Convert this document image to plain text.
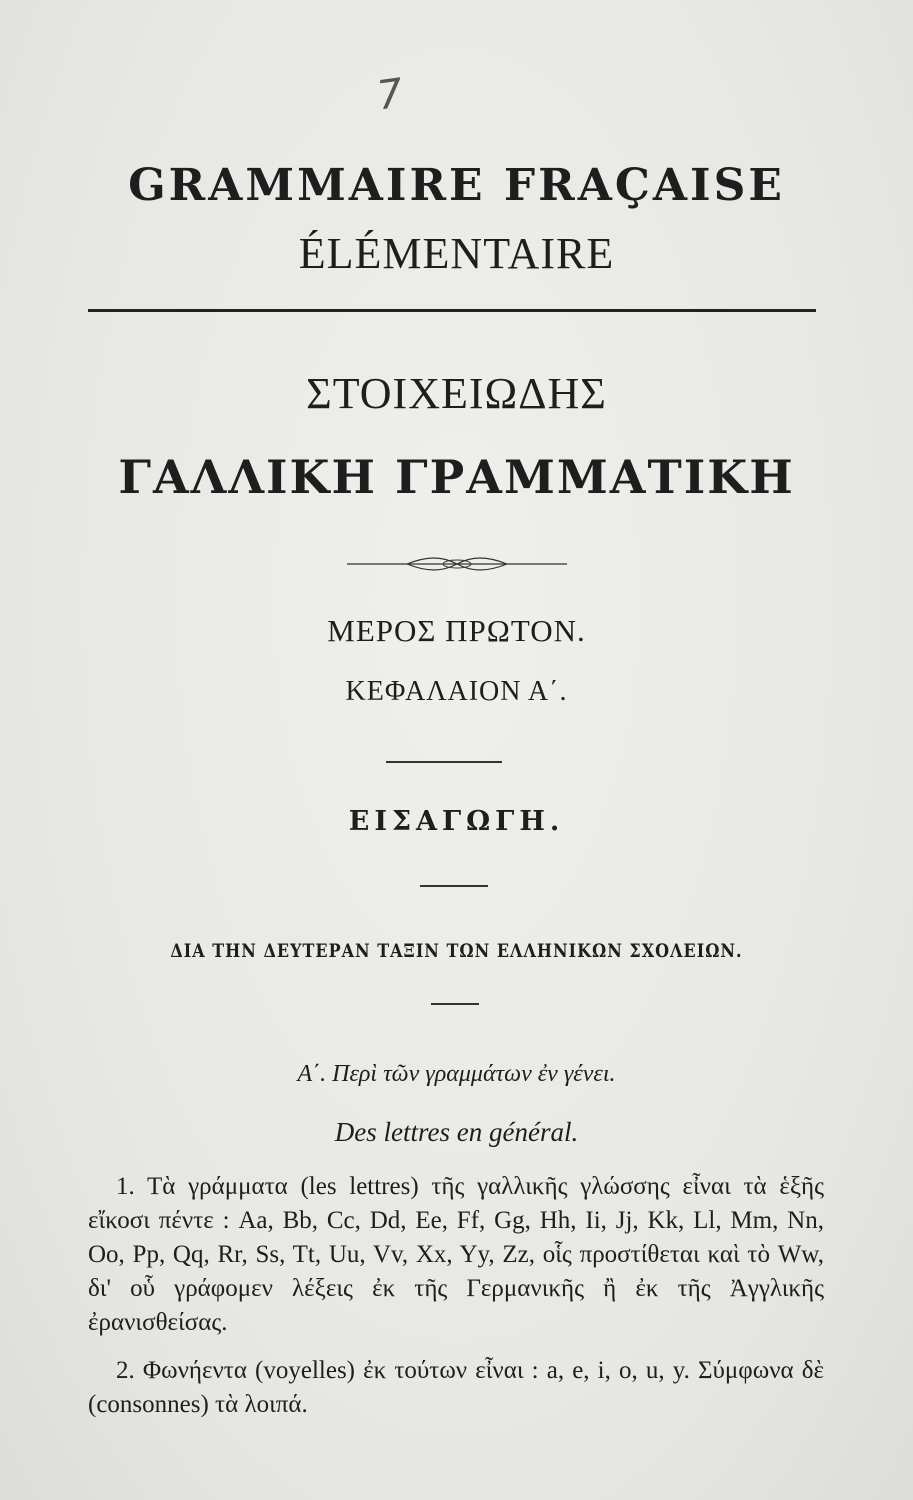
7
GRAMMAIRE FRAÇAISE
ÉLÉMENTAIRE
ΣΤΟΙΧΕΙΩΔΗΣ
ΓΑΛΛΙΚΗ ΓΡΑΜΜΑΤΙΚΗ
ΜΕΡΟΣ ΠΡΩΤΟΝ.
ΚΕΦΑΛΑΙΟΝ Α΄.
ΕΙΣΑΓΩΓΗ.
ΔΙΑ ΤΗΝ ΔΕΥΤΕΡΑΝ ΤΑΞΙΝ ΤΩΝ ΕΛΛΗΝΙΚΩΝ ΣΧΟΛΕΙΩΝ.
Α΄. Περὶ τῶν γραμμάτων ἐν γένει.
Des lettres en général.
1. Τὰ γράμματα (les lettres) τῆς γαλλικῆς γλώσσης εἶναι τὰ ἑξῆς εἴκοσι πέντε : Aa, Bb, Cc, Dd, Ee, Ff, Gg, Hh, Ii, Jj, Kk, Ll, Mm, Nn, Oo, Pp, Qq, Rr, Ss, Tt, Uu, Vv, Xx, Yy, Zz, οἷς προστίθεται καὶ τὸ Ww, δι' οὗ γράφομεν λέξεις ἐκ τῆς Γερμανικῆς ἢ ἐκ τῆς Ἀγγλικῆς ἐρανισθείσας.
2. Φωνήεντα (voyelles) ἐκ τούτων εἶναι : a, e, i, o, u, y. Σύμφωνα δὲ (consonnes) τὰ λοιπά.
